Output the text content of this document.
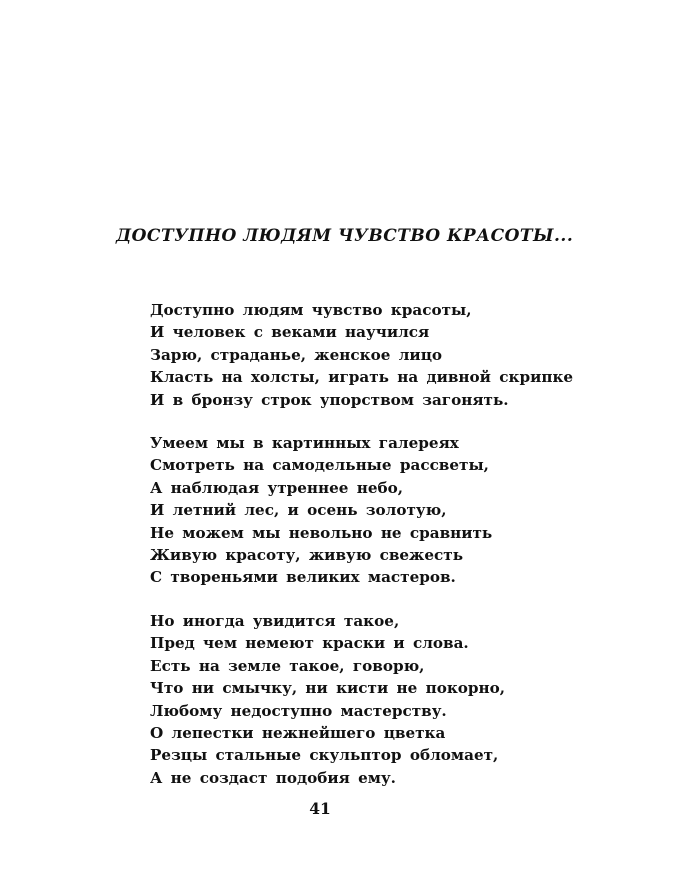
ДОСТУПНО ЛЮДЯМ ЧУВСТВО КРАСОТЫ...
Доступно людям чувство красоты,
И человек с веками научился
Зарю, страданье, женское лицо
Класть на холсты, играть на дивной скрипке
И в бронзу строк упорством загонять.
Умеем мы в картинных галереях
Смотреть на самодельные рассветы,
А наблюдая утреннее небо,
И летний лес, и осень золотую,
Не можем мы невольно не сравнить
Живую красоту, живую свежесть
С твореньями великих мастеров.
Но иногда увидится такое,
Пред чем немеют краски и слова.
Есть на земле такое, говорю,
Что ни смычку, ни кисти не покорно,
Любому недоступно мастерству.
О лепестки нежнейшего цветка
Резцы стальные скульптор обломает,
А не создаст подобия ему.
41
